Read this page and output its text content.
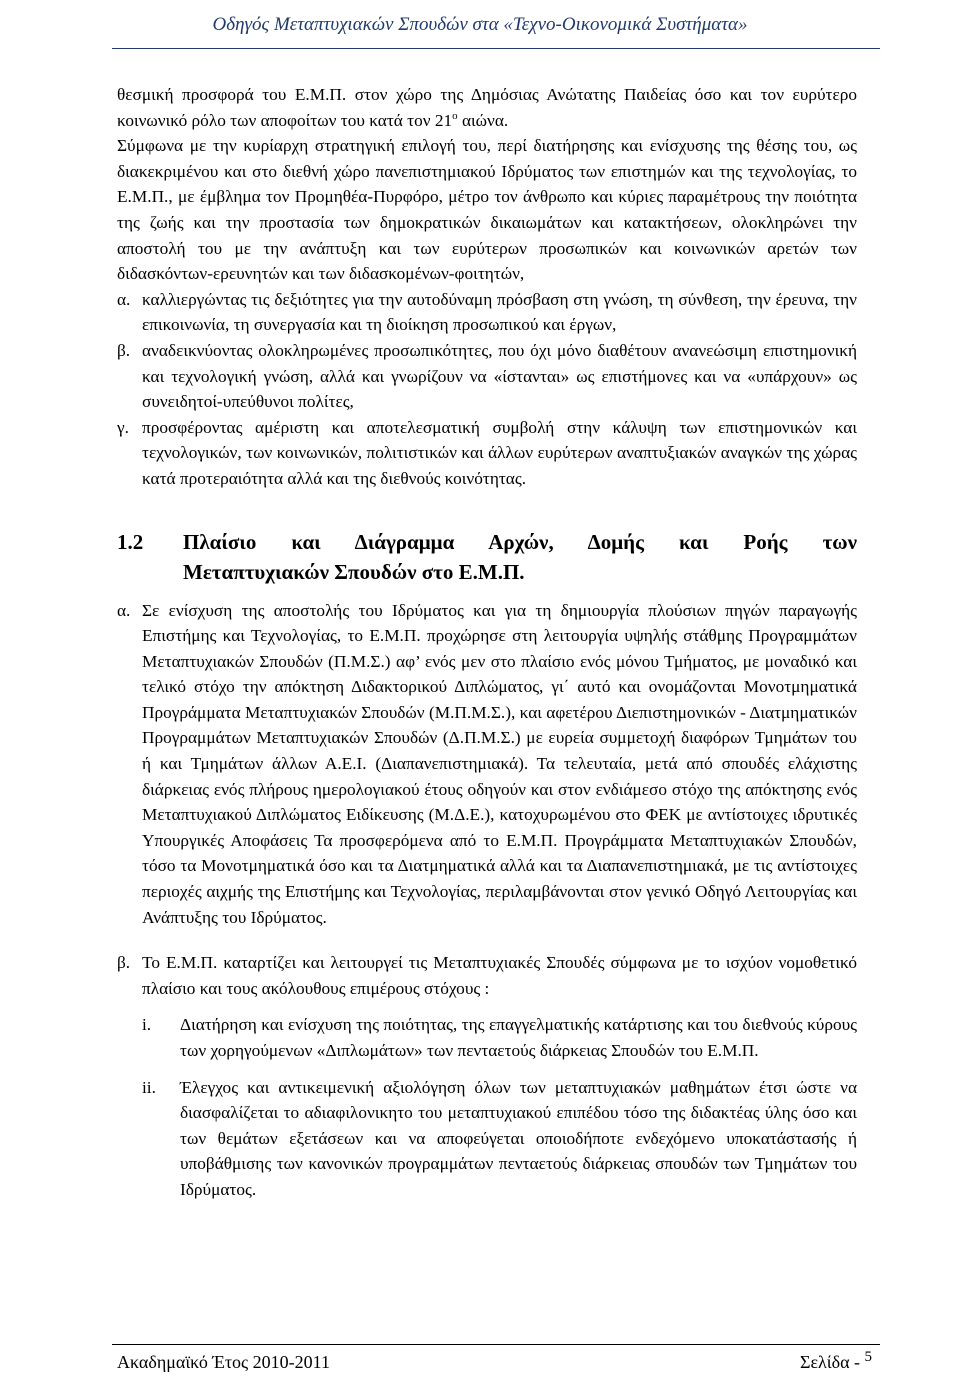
Οδηγός Μεταπτυχιακών Σπουδών στα «Τεχνο-Οικονομικά Συστήματα»

θεσμική προσφορά του Ε.Μ.Π. στον χώρο της Δημόσιας Ανώτατης Παιδείας όσο και τον ευρύτερο κοινωνικό ρόλο των αποφοίτων του κατά τον $21^o$ αιώνα.

Σύμφωνα με την κυρίαρχη στρατηγική επιλογή του, περί διατήρησης και ενίσχυσης της θέσης του, ως διακεκριμένου και στο διεθνή χώρο πανεπιστημιακού Ιδρύματος των επιστημών και της τεχνολογίας, το Ε.Μ.Π., με έμβλημα τον Προμηθέα-Πυρφόρο, μέτρο τον άνθρωπο και κύριες παραμέτρους την ποιότητα της ζωής και την προστασία των δημοκρατικών δικαιωμάτων και κατακτήσεων, ολοκληρώνει την αποστολή του με την ανάπτυξη και των ευρύτερων προσωπικών και κοινωνικών αρετών των διδασκόντων-ερευνητών και των διδασκομένων-φοιτητών,

α. καλλιεργώντας τις δεξιότητες για την αυτοδύναμη πρόσβαση στη γνώση, τη σύνθεση, την έρευνα, την επικοινωνία, τη συνεργασία και τη διοίκηση προσωπικού και έργων,
β. αναδεικνύοντας ολοκληρωμένες προσωπικότητες, που όχι μόνο διαθέτουν ανανεώσιμη επιστημονική και τεχνολογική γνώση, αλλά και γνωρίζουν να «ίστανται» ως επιστήμονες και να «υπάρχουν» ως συνειδητοί-υπεύθυνοι πολίτες,
γ. προσφέροντας αμέριστη και αποτελεσματική συμβολή στην κάλυψη των επιστημονικών και τεχνολογικών, των κοινωνικών, πολιτιστικών και άλλων ευρύτερων αναπτυξιακών αναγκών της χώρας κατά προτεραιότητα αλλά και της διεθνούς κοινότητας.
1.2	Πλαίσιο και Διάγραμμα Αρχών, Δομής και Ροής των
Μεταπτυχιακών Σπουδών στο Ε.Μ.Π.
α. Σε ενίσχυση της αποστολής του Ιδρύματος και για τη δημιουργία πλούσιων πηγών παραγωγής Επιστήμης και Τεχνολογίας, το Ε.Μ.Π. προχώρησε στη λειτουργία υψηλής στάθμης Προγραμμάτων Μεταπτυχιακών Σπουδών (Π.Μ.Σ.) αφ’ ενός μεν στο πλαίσιο ενός μόνου Τμήματος, με μοναδικό και τελικό στόχο την απόκτηση Διδακτορικού Διπλώματος, γι΄ αυτό και ονομάζονται Μονοτμηματικά Προγράμματα Μεταπτυχιακών Σπουδών (Μ.Π.Μ.Σ.), και αφετέρου Διεπιστημονικών - Διατμηματικών Προγραμμάτων Μεταπτυχιακών Σπουδών (Δ.Π.Μ.Σ.) με ευρεία συμμετοχή διαφόρων Τμημάτων του ή και Τμημάτων άλλων Α.Ε.Ι. (Διαπανεπιστημιακά). Τα τελευταία, μετά από σπουδές ελάχιστης διάρκειας ενός πλήρους ημερολογιακού έτους οδηγούν και στον ενδιάμεσο στόχο της απόκτησης ενός Μεταπτυχιακού Διπλώματος Ειδίκευσης (Μ.Δ.Ε.), κατοχυρωμένου στο ΦΕΚ με αντίστοιχες ιδρυτικές Υπουργικές Αποφάσεις Τα προσφερόμενα από το Ε.Μ.Π. Προγράμματα Μεταπτυχιακών Σπουδών, τόσο τα Μονοτμηματικά όσο και τα Διατμηματικά αλλά και τα Διαπανεπιστημιακά, με τις αντίστοιχες περιοχές αιχμής της Επιστήμης και Τεχνολογίας, περιλαμβάνονται στον γενικό Οδηγό Λειτουργίας και Ανάπτυξης του Ιδρύματος.
β. Το Ε.Μ.Π. καταρτίζει και λειτουργεί τις Μεταπτυχιακές Σπουδές σύμφωνα με το ισχύον νομοθετικό πλαίσιο και τους ακόλουθους επιμέρους στόχους :
i.	Διατήρηση και ενίσχυση της ποιότητας, της επαγγελματικής κατάρτισης και του διεθνούς κύρους των χορηγούμενων «Διπλωμάτων» των πενταετούς διάρκειας Σπουδών του Ε.Μ.Π.
ii.	Έλεγχος και αντικειμενική αξιολόγηση όλων των μεταπτυχιακών μαθημάτων έτσι ώστε να διασφαλίζεται το αδιαφιλονικητο του μεταπτυχιακού επιπέδου τόσο της διδακτέας ύλης όσο και των θεμάτων εξετάσεων και να αποφεύγεται οποιοδήποτε ενδεχόμενο υποκατάστασής ή υποβάθμισης των κανονικών προγραμμάτων πενταετούς διάρκειας σπουδών των Τμημάτων του Ιδρύματος.
Ακαδημαϊκό Έτος 2010-2011	Σελίδα - $^5$
